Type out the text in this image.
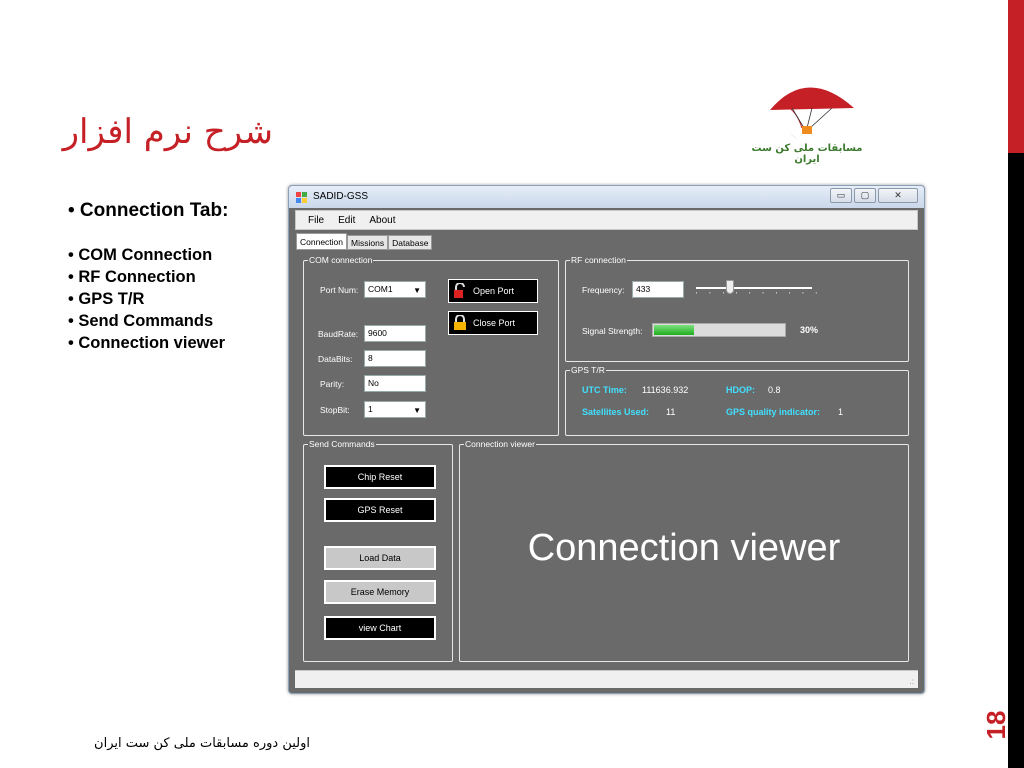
18
شرح نرم افزار	مسابقات ملی کن ست ایران
• Connection Tab:
• COM Connection
• RF Connection
• GPS T/R
• Send Commands
• Connection viewer
اولین دوره مسابقات ملی کن ست ایران
SADID-GSS	▭	▢	✕
File Edit About
Connection Missions Database
COM connection
Port Num:	COM1	▼	Open Port
Close Port
BaudRate:	9600
DataBits:	8
Parity:	No
StopBit:	1	▼
RF connection
Frequency:	433
' ' ' ' ' ' ' ' ' '
Signal Strength:	30%
GPS T/R
UTC Time: 111636.932	HDOP: 0.8
Satellites Used: 11	GPS quality indicator: 1
Send Commands
Chip Reset
GPS Reset
Load Data
Erase Memory
view Chart
Connection viewer
Connection viewer
.:
